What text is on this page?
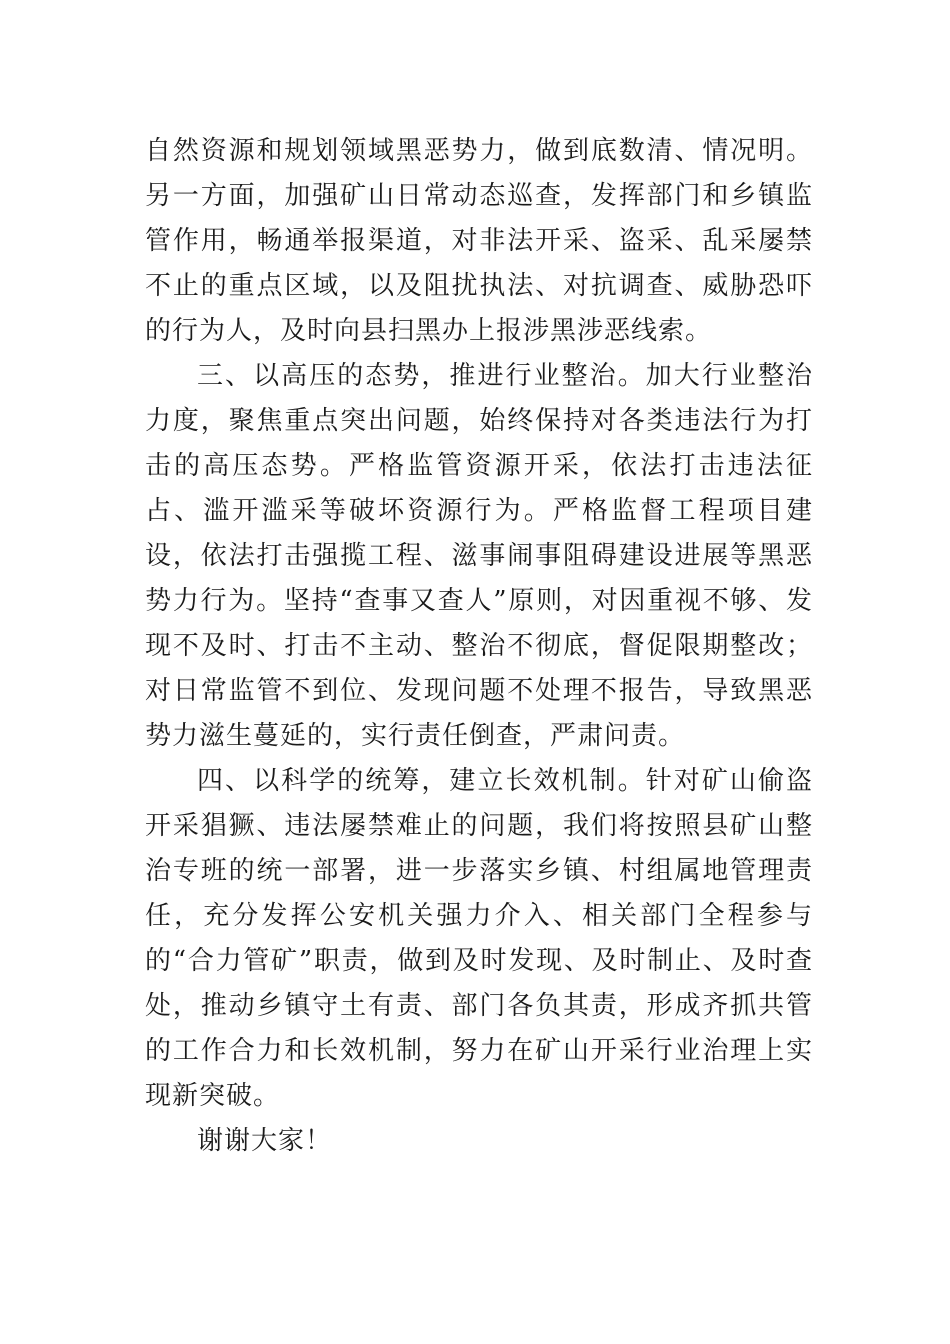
自然资源和规划领域黑恶势力，做到底数清、情况明。另一方面，加强矿山日常动态巡查，发挥部门和乡镇监管作用，畅通举报渠道，对非法开采、盗采、乱采屡禁不止的重点区域，以及阻扰执法、对抗调查、威胁恐吓的行为人，及时向县扫黑办上报涉黑涉恶线索。

三、以高压的态势，推进行业整治。加大行业整治力度，聚焦重点突出问题，始终保持对各类违法行为打击的高压态势。严格监管资源开采，依法打击违法征占、滥开滥采等破坏资源行为。严格监督工程项目建设，依法打击强揽工程、滋事闹事阻碍建设进展等黑恶势力行为。坚持“查事又查人”原则，对因重视不够、发现不及时、打击不主动、整治不彻底，督促限期整改；对日常监管不到位、发现问题不处理不报告，导致黑恶势力滋生蔓延的，实行责任倒查，严肃问责。

四、以科学的统筹，建立长效机制。针对矿山偷盗开采猖獗、违法屡禁难止的问题，我们将按照县矿山整治专班的统一部署，进一步落实乡镇、村组属地管理责任，充分发挥公安机关强力介入、相关部门全程参与的“合力管矿”职责，做到及时发现、及时制止、及时查处，推动乡镇守土有责、部门各负其责，形成齐抓共管的工作合力和长效机制，努力在矿山开采行业治理上实现新突破。

谢谢大家！
